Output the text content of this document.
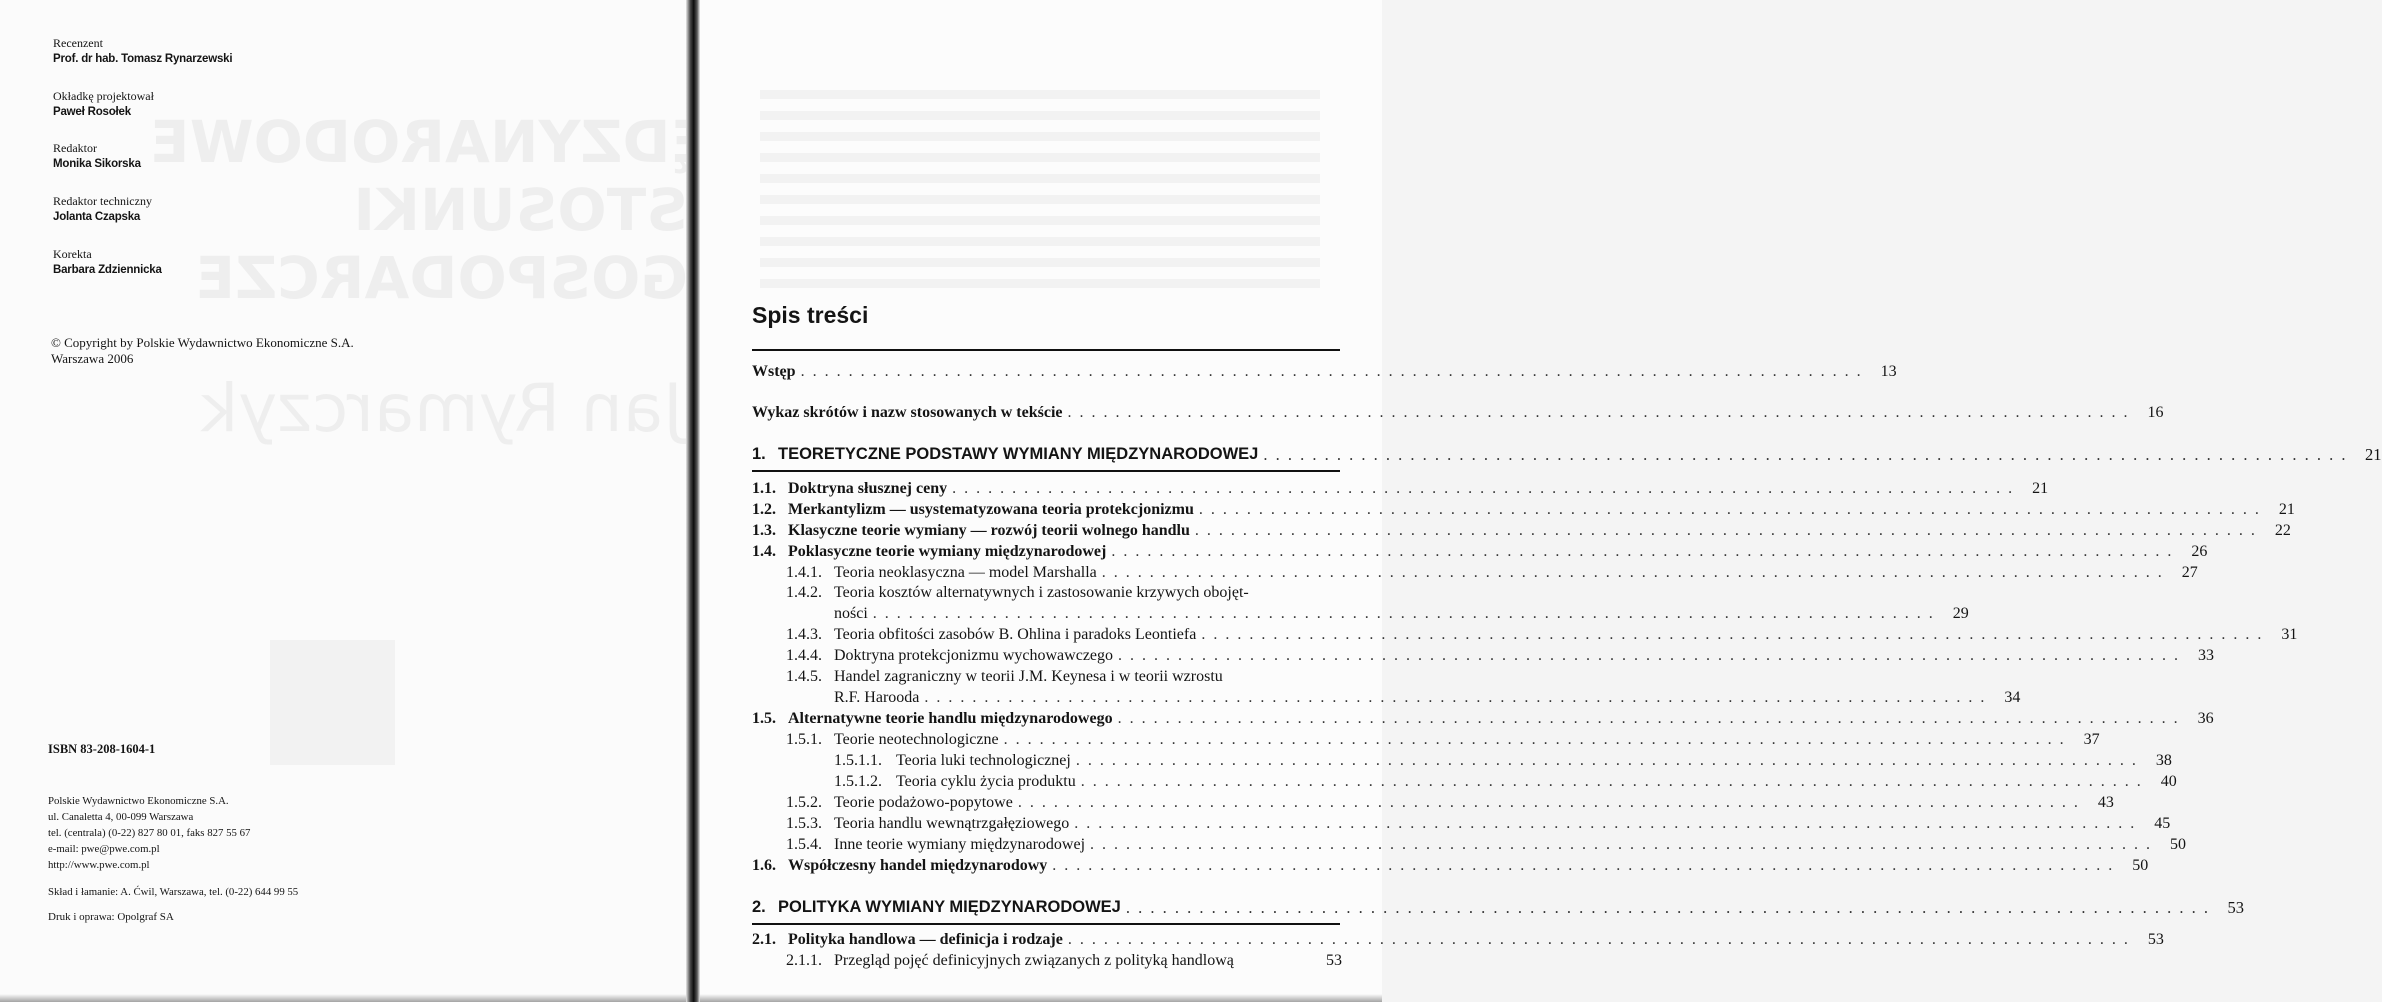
MIĘDZYNARODOWE
STOSUNKI GOSPODARCZE
Jan Rymarczyk
Recenzent
Prof. dr hab. Tomasz Rynarzewski
Okładkę projektował
Paweł Rosołek
Redaktor
Monika Sikorska
Redaktor techniczny
Jolanta Czapska
Korekta
Barbara Zdziennicka
© Copyright by Polskie Wydawnictwo Ekonomiczne S.A.
Warszawa 2006
ISBN 83-208-1604-1
Polskie Wydawnictwo Ekonomiczne S.A.
ul. Canaletta 4, 00-099 Warszawa
tel. (centrala) (0-22) 827 80 01, faks 827 55 67
e-mail: pwe@pwe.com.pl
http://www.pwe.com.pl
Skład i łamanie: A. Ćwil, Warszawa, tel. (0-22) 644 99 55
Druk i oprawa: Opolgraf SA
Spis treści
Wstęp . . .	13
Wykaz skrótów i nazw stosowanych w tekście . . .	16
1. TEORETYCZNE PODSTAWY WYMIANY MIĘDZYNARODOWEJ . . .	21
1.1. Doktryna słusznej ceny . . .	21
1.2. Merkantylizm — usystematyzowana teoria protekcjonizmu . . .	21
1.3. Klasyczne teorie wymiany — rozwój teorii wolnego handlu . . .	22
1.4. Poklasyczne teorie wymiany międzynarodowej . . .	26
1.4.1. Teoria neoklasyczna — model Marshalla . . .	27
1.4.2. Teoria kosztów alternatywnych i zastosowanie krzywych obojęt-
ności . . .	29
1.4.3. Teoria obfitości zasobów B. Ohlina i paradoks Leontiefa . . .	31
1.4.4. Doktryna protekcjonizmu wychowawczego . . .	33
1.4.5. Handel zagraniczny w teorii J.M. Keynesa i w teorii wzrostu
R.F. Harooda . . .	34
1.5. Alternatywne teorie handlu międzynarodowego . . .	36
1.5.1. Teorie neotechnologiczne . . .	37
1.5.1.1. Teoria luki technologicznej . . .	38
1.5.1.2. Teoria cyklu życia produktu . . .	40
1.5.2. Teorie podażowo-popytowe . . .	43
1.5.3. Teoria handlu wewnątrzgałęziowego . . .	45
1.5.4. Inne teorie wymiany międzynarodowej . . .	50
1.6. Współczesny handel międzynarodowy . . .	50
2. POLITYKA WYMIANY MIĘDZYNARODOWEJ . . .	53
2.1. Polityka handlowa — definicja i rodzaje . . .	53
2.1.1. Przegląd pojęć definicyjnych związanych z polityką handlową	53
